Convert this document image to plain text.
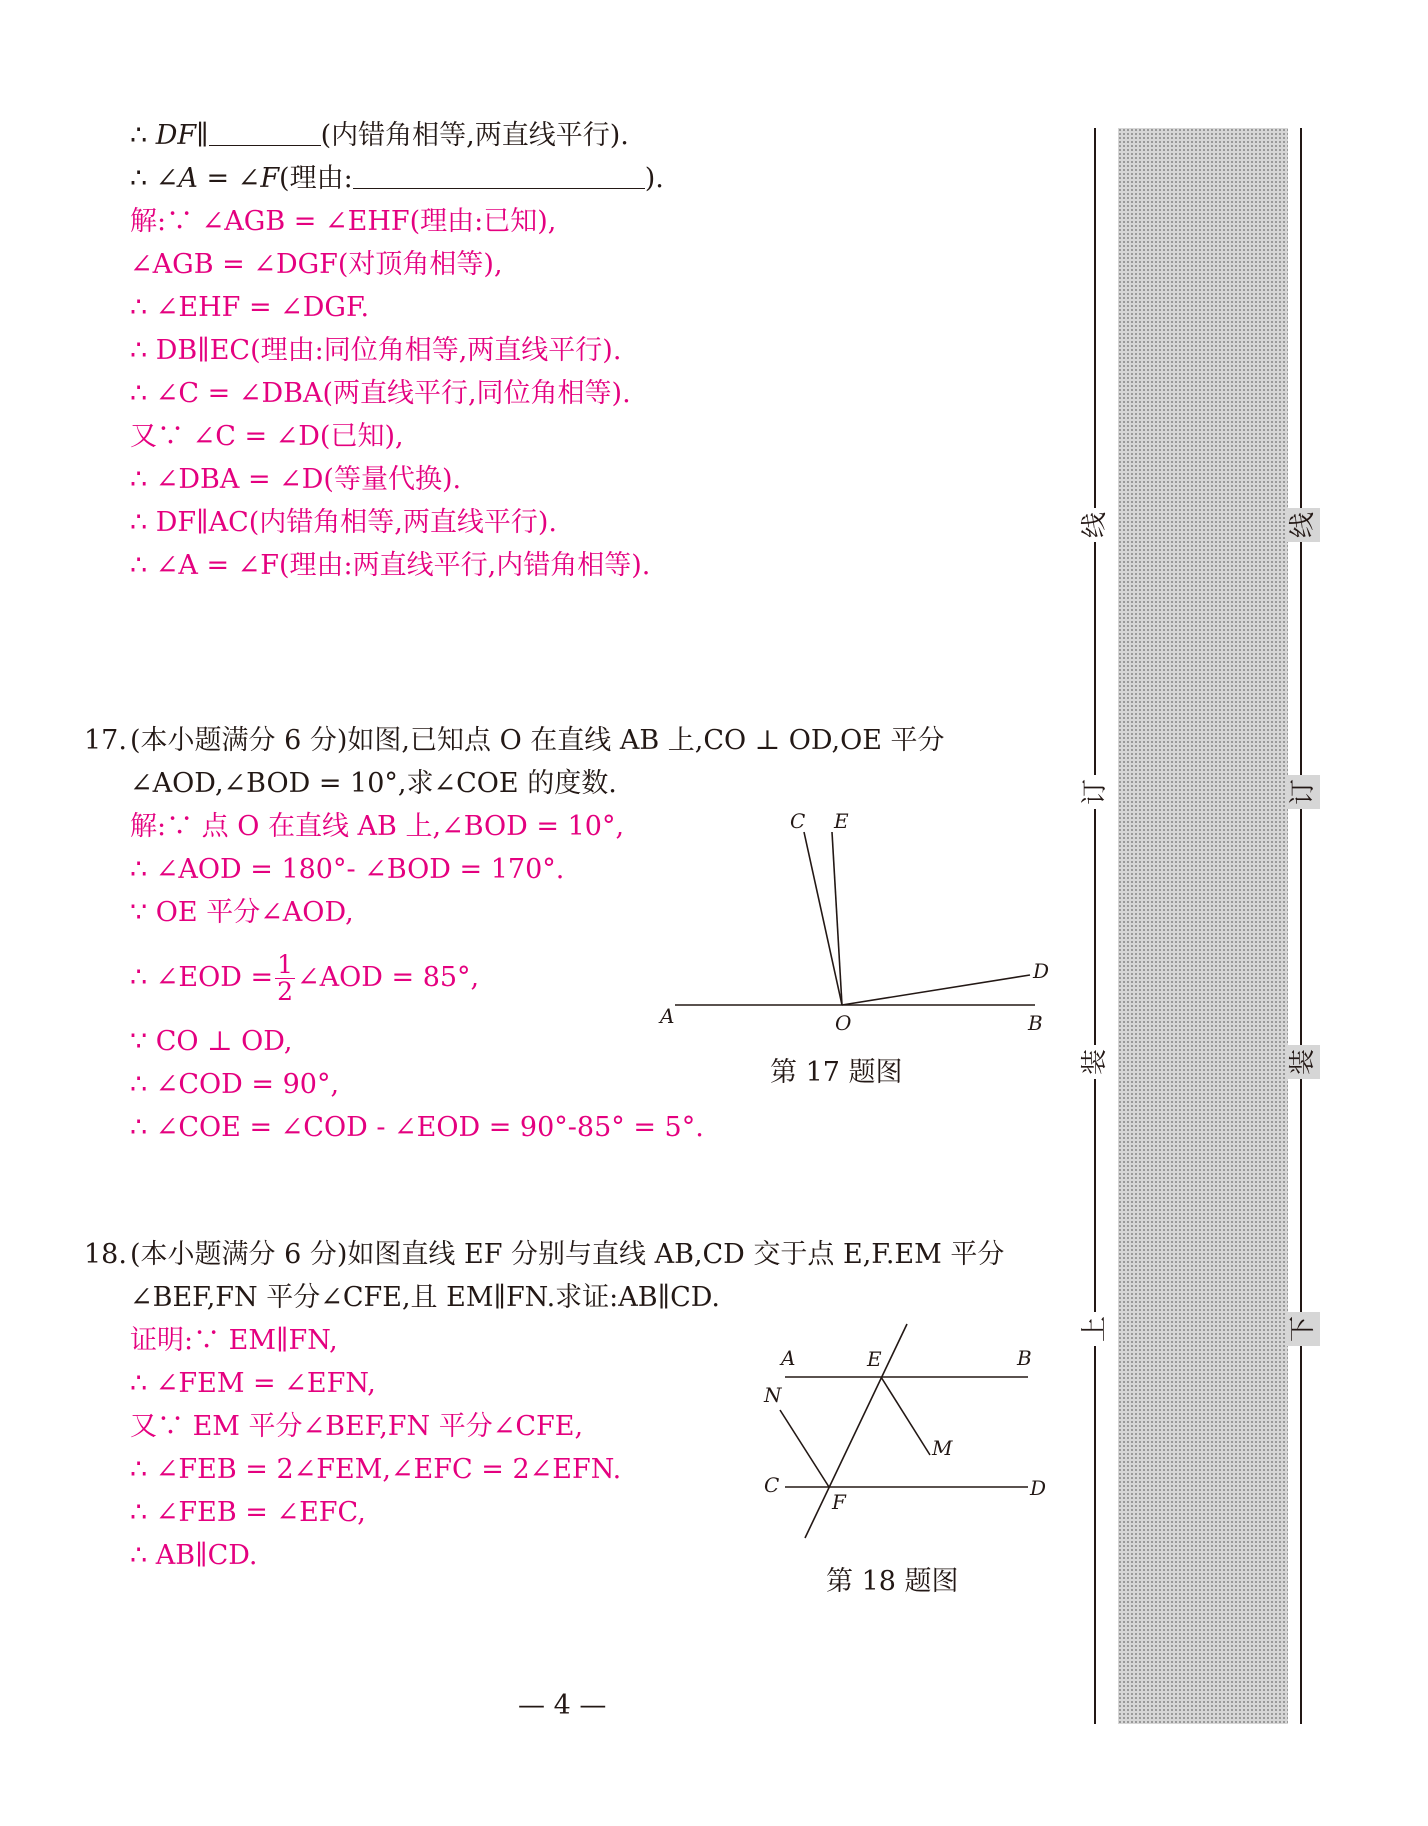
∴ DF∥	(内错角相等,两直线平行).
∴ ∠A = ∠F(理由:	).
解:∵ ∠AGB = ∠EHF(理由:已知),
∠AGB = ∠DGF(对顶角相等),
∴ ∠EHF = ∠DGF.
∴ DB∥EC(理由:同位角相等,两直线平行).
∴ ∠C = ∠DBA(两直线平行,同位角相等).
又∵ ∠C = ∠D(已知),
∴ ∠DBA = ∠D(等量代换).
∴ DF∥AC(内错角相等,两直线平行).
∴ ∠A = ∠F(理由:两直线平行,内错角相等).
17. (本小题满分 6 分)如图,已知点 O 在直线 AB 上,CO ⊥ OD,OE 平分
∠AOD,∠BOD = 10°,求∠COE 的度数.
解:∵ 点 O 在直线 AB 上,∠BOD = 10°,
∴ ∠AOD = 180°- ∠BOD = 170°.
∵ OE 平分∠AOD,
∴ ∠EOD = $\frac{1}{2}$ ∠AOD = 85°,
∵ CO ⊥ OD,
∴ ∠COD = 90°,
∴ ∠COE = ∠COD - ∠EOD = 90°-85° = 5°.
C E
D
A	O	B
第 17 题图
18. (本小题满分 6 分)如图直线 EF 分别与直线 AB,CD 交于点 E,F.EM 平分
∠BEF,FN 平分∠CFE,且 EM∥FN.求证:AB∥CD.
证明:∵ EM∥FN,
∴ ∠FEM = ∠EFN,
又∵ EM 平分∠BEF,FN 平分∠CFE,
∴ ∠FEB = 2∠FEM,∠EFC = 2∠EFN.
∴ ∠FEB = ∠EFC,
∴ AB∥CD.
A	E	B
N
M
C
F
D
第 18 题图
— 4 —
线
订
装
上
线
订
装
下
